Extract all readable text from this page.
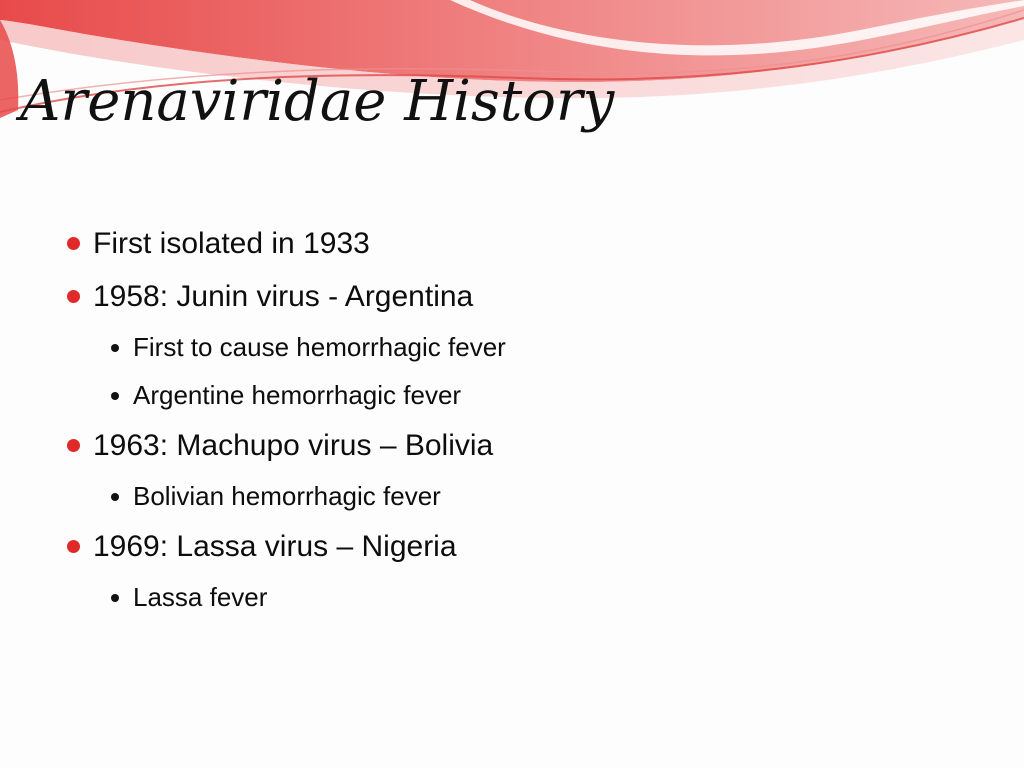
Arenaviridae History
First isolated in 1933
1958: Junin virus - Argentina
First to cause hemorrhagic fever
Argentine hemorrhagic fever
1963: Machupo virus – Bolivia
Bolivian hemorrhagic fever
1969: Lassa virus – Nigeria
Lassa fever
